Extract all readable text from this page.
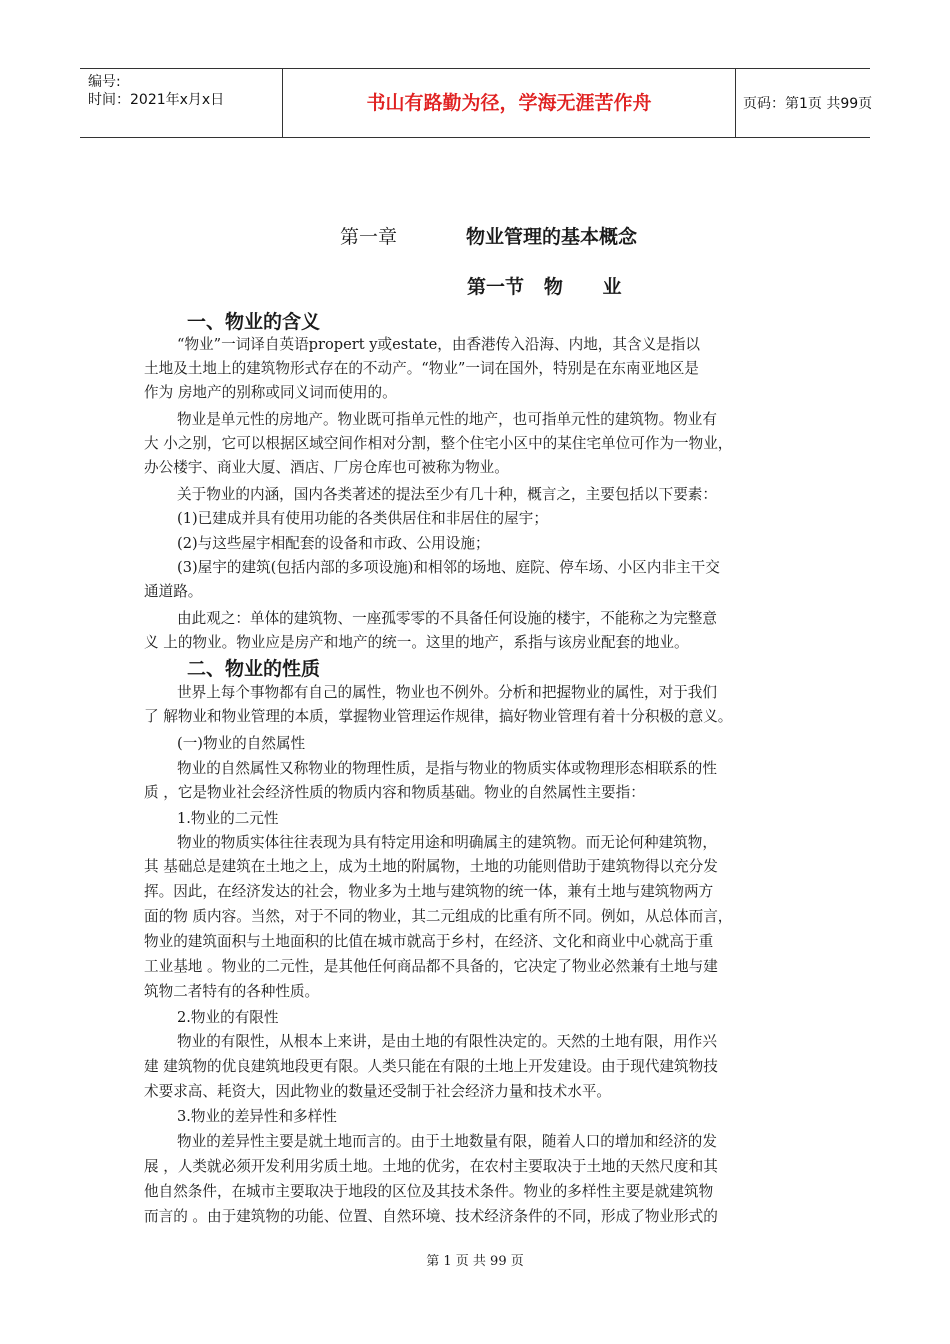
编号:
时间：2021年x月x日	书山有路勤为径，学海无涯苦作舟	页码：第1页 共99页
第一章	物业管理的基本概念
第一节   物      业
一、物业的含义
“物业”一词译自英语propert y或estate，由香港传入沿海、内地，其含义是指以
土地及土地上的建筑物形式存在的不动产。“物业”一词在国外，特别是在东南亚地区是
作为 房地产的别称或同义词而使用的。
物业是单元性的房地产。物业既可指单元性的地产，也可指单元性的建筑物。物业有
大 小之别，它可以根据区域空间作相对分割，整个住宅小区中的某住宅单位可作为一物业，
办公楼宇、商业大厦、酒店、厂房仓库也可被称为物业。
关于物业的内涵，国内各类著述的提法至少有几十种，概言之，主要包括以下要素：
(1)已建成并具有使用功能的各类供居住和非居住的屋宇；
(2)与这些屋宇相配套的设备和市政、公用设施；
(3)屋宇的建筑(包括内部的多项设施)和相邻的场地、庭院、停车场、小区内非主干交
通道路。
由此观之：单体的建筑物、一座孤零零的不具备任何设施的楼宇，不能称之为完整意
义 上的物业。物业应是房产和地产的统一。这里的地产，系指与该房业配套的地业。
二、物业的性质
世界上每个事物都有自己的属性，物业也不例外。分析和把握物业的属性，对于我们
了 解物业和物业管理的本质，掌握物业管理运作规律，搞好物业管理有着十分积极的意义。
(一)物业的自然属性
物业的自然属性又称物业的物理性质，是指与物业的物质实体或物理形态相联系的性
质 ，它是物业社会经济性质的物质内容和物质基础。物业的自然属性主要指：
1.物业的二元性
物业的物质实体往往表现为具有特定用途和明确属主的建筑物。而无论何种建筑物，
其 基础总是建筑在土地之上，成为土地的附属物，土地的功能则借助于建筑物得以充分发
挥。因此，在经济发达的社会，物业多为土地与建筑物的统一体，兼有土地与建筑物两方
面的物 质内容。当然，对于不同的物业，其二元组成的比重有所不同。例如，从总体而言，
物业的建筑面积与土地面积的比值在城市就高于乡村，在经济、文化和商业中心就高于重
工业基地 。物业的二元性，是其他任何商品都不具备的，它决定了物业必然兼有土地与建
筑物二者特有的各种性质。
2.物业的有限性
物业的有限性，从根本上来讲，是由土地的有限性决定的。天然的土地有限，用作兴
建 建筑物的优良建筑地段更有限。人类只能在有限的土地上开发建设。由于现代建筑物技
术要求高、耗资大，因此物业的数量还受制于社会经济力量和技术水平。
3.物业的差异性和多样性
物业的差异性主要是就土地而言的。由于土地数量有限，随着人口的增加和经济的发
展 ，人类就必须开发利用劣质土地。土地的优劣，在农村主要取决于土地的天然尺度和其
他自然条件，在城市主要取决于地段的区位及其技术条件。物业的多样性主要是就建筑物
而言的 。由于建筑物的功能、位置、自然环境、技术经济条件的不同，形成了物业形式的
第 1 页 共 99 页
